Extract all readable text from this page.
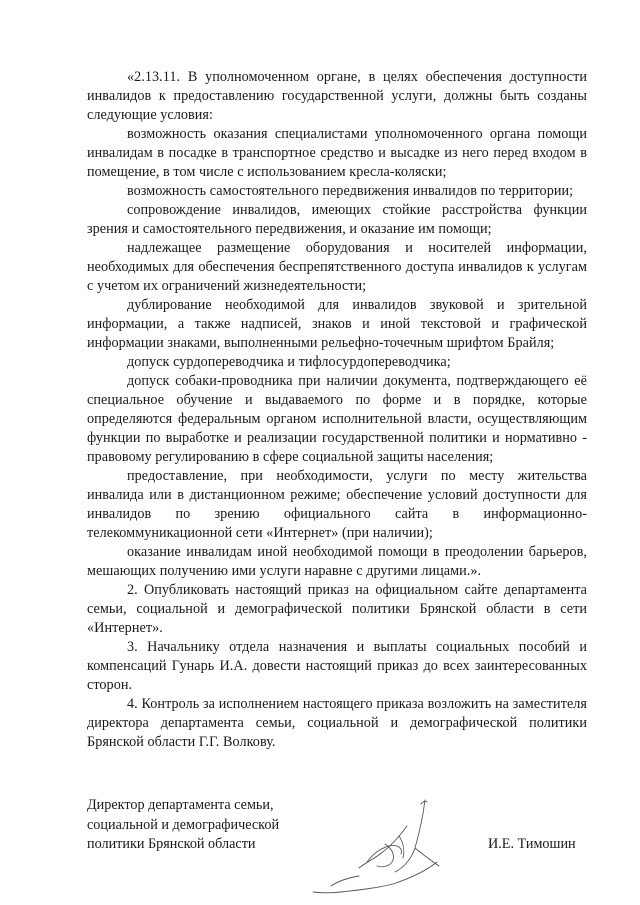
«2.13.11. В уполномоченном органе, в целях обеспечения доступности инвалидов к предоставлению государственной услуги, должны быть созданы следующие условия:

возможность оказания специалистами уполномоченного органа помощи инвалидам в посадке в транспортное средство и высадке из него перед входом в помещение, в том числе с использованием кресла-коляски;

возможность самостоятельного передвижения инвалидов по территории;

сопровождение инвалидов, имеющих стойкие расстройства функции зрения и самостоятельного передвижения, и оказание им помощи;

надлежащее размещение оборудования и носителей информации, необходимых для обеспечения беспрепятственного доступа инвалидов к услугам с учетом их ограничений жизнедеятельности;

дублирование необходимой для инвалидов звуковой и зрительной информации, а также надписей, знаков и иной текстовой и графической информации знаками, выполненными рельефно-точечным шрифтом Брайля;

допуск сурдопереводчика и тифлосурдопереводчика;

допуск собаки-проводника при наличии документа, подтверждающего её специальное обучение и выдаваемого по форме и в порядке, которые определяются федеральным органом исполнительной власти, осуществляющим функции по выработке и реализации государственной политики и нормативно - правовому регулированию в сфере социальной защиты населения;

предоставление, при необходимости, услуги по месту жительства инвалида или в дистанционном режиме; обеспечение условий доступности для инвалидов по зрению официального сайта в информационно-телекоммуникационной сети «Интернет» (при наличии);

оказание инвалидам иной необходимой помощи в преодолении барьеров, мешающих получению ими услуги наравне с другими лицами.».

2. Опубликовать настоящий приказ на официальном сайте департамента семьи, социальной и демографической политики Брянской области в сети «Интернет».

3. Начальнику отдела назначения и выплаты социальных пособий и компенсаций Гунарь И.А. довести настоящий приказ до всех заинтересованных сторон.

4. Контроль за исполнением настоящего приказа возложить на заместителя директора департамента семьи, социальной и демографической политики Брянской области Г.Г. Волкову.

Директор департамента семьи,
социальной и демографической
политики Брянской области	И.Е. Тимошин
